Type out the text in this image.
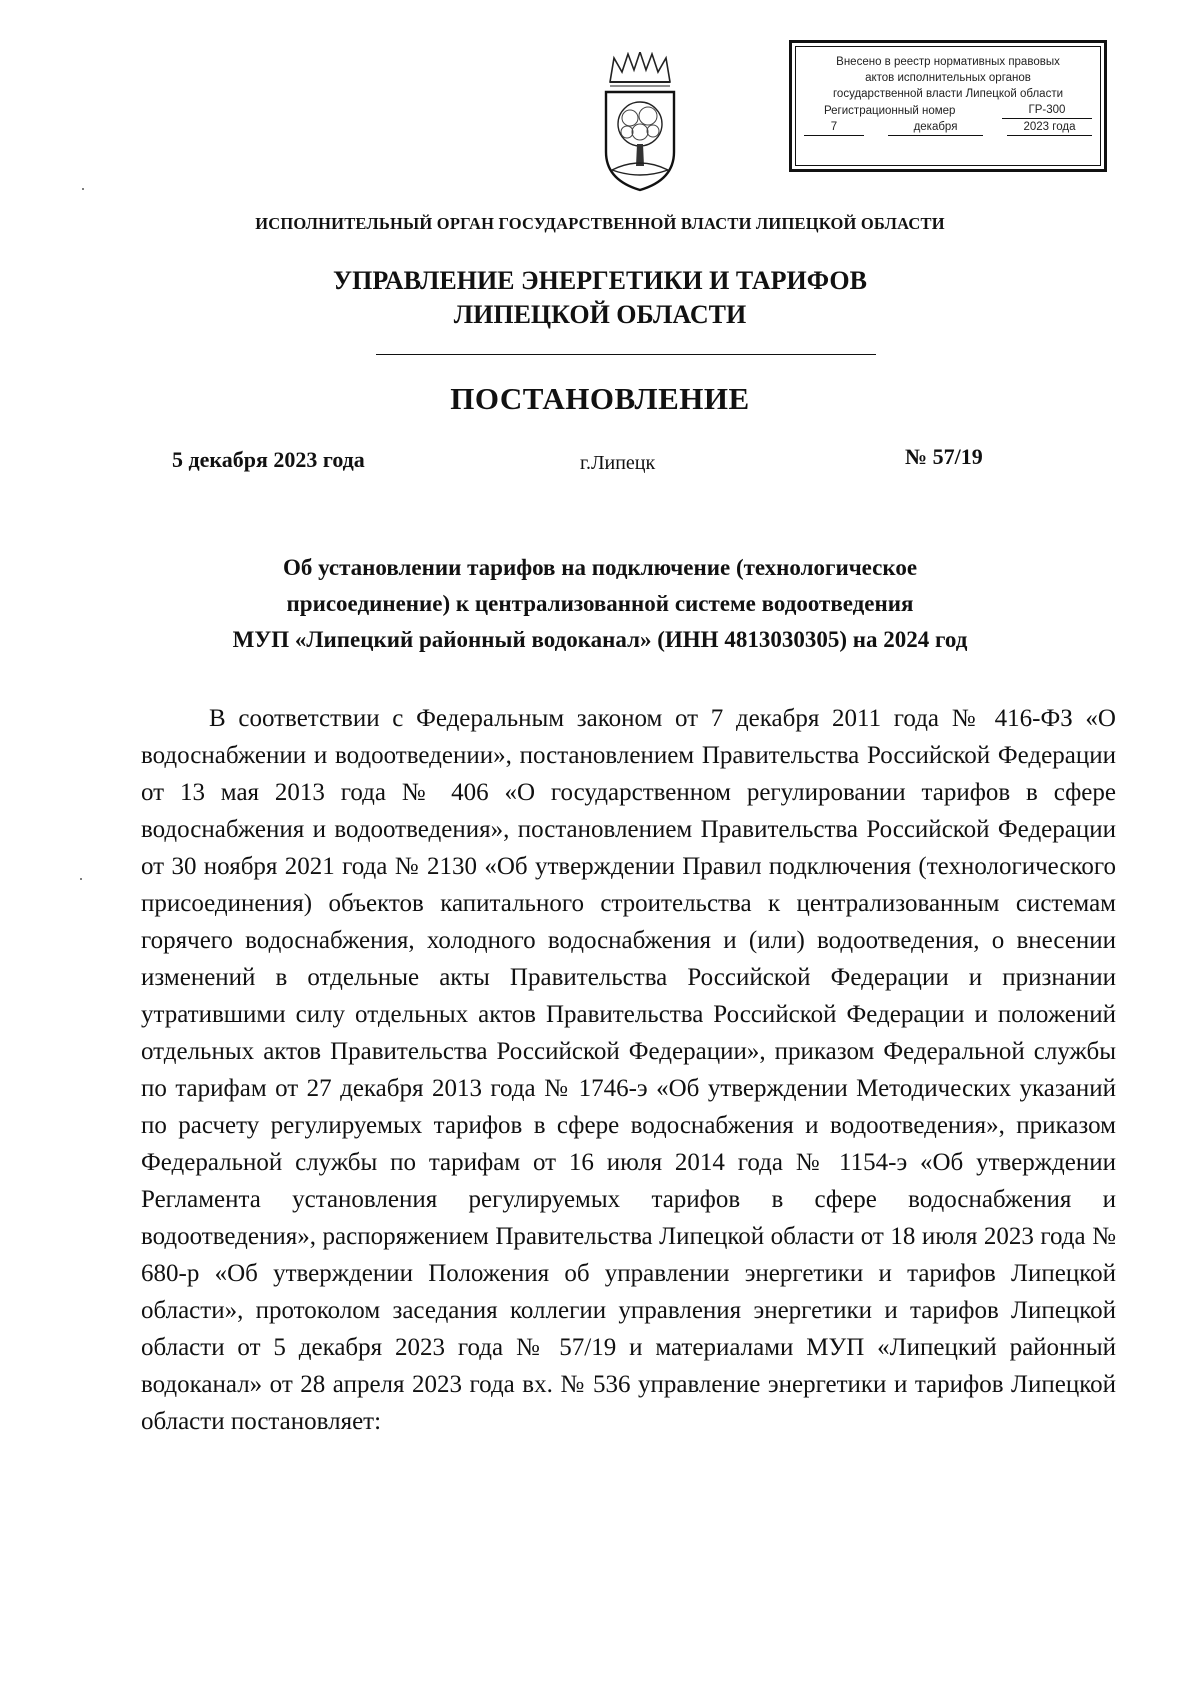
Внесено в реестр нормативных правовых
актов исполнительных органов
государственной власти Липецкой области
Регистрационный номер	ГР-300
7	декабря	2023 года
ИСПОЛНИТЕЛЬНЫЙ ОРГАН ГОСУДАРСТВЕННОЙ ВЛАСТИ ЛИПЕЦКОЙ ОБЛАСТИ
УПРАВЛЕНИЕ ЭНЕРГЕТИКИ И ТАРИФОВ
ЛИПЕЦКОЙ ОБЛАСТИ
ПОСТАНОВЛЕНИЕ
5 декабря 2023 года	г.Липецк	№ 57/19
Об установлении тарифов на подключение (технологическое
присоединение) к централизованной системе водоотведения
МУП «Липецкий районный водоканал» (ИНН 4813030305) на 2024 год

В соответствии с Федеральным законом от 7 декабря 2011 года № 416-ФЗ «О водоснабжении и водоотведении», постановлением Правительства Российской Федерации от 13 мая 2013 года № 406 «О государственном регулировании тарифов в сфере водоснабжения и водоотведения», постановлением Правительства Российской Федерации от 30 ноября 2021 года № 2130 «Об утверждении Правил подключения (технологического присоединения) объектов капитального строительства к централизованным системам горячего водоснабжения, холодного водоснабжения и (или) водоотведения, о внесении изменений в отдельные акты Правительства Российской Федерации и признании утратившими силу отдельных актов Правительства Российской Федерации и положений отдельных актов Правительства Российской Федерации», приказом Федеральной службы по тарифам от 27 декабря 2013 года № 1746-э «Об утверждении Методических указаний по расчету регулируемых тарифов в сфере водоснабжения и водоотведения», приказом Федеральной службы по тарифам от 16 июля 2014 года № 1154-э «Об утверждении Регламента установления регулируемых тарифов в сфере водоснабжения и водоотведения», распоряжением Правительства Липецкой области от 18 июля 2023 года № 680-р «Об утверждении Положения об управлении энергетики и тарифов Липецкой области», протоколом заседания коллегии управления энергетики и тарифов Липецкой области от 5 декабря 2023 года № 57/19 и материалами МУП «Липецкий районный водоканал» от 28 апреля 2023 года вх. № 536 управление энергетики и тарифов Липецкой области постановляет:
